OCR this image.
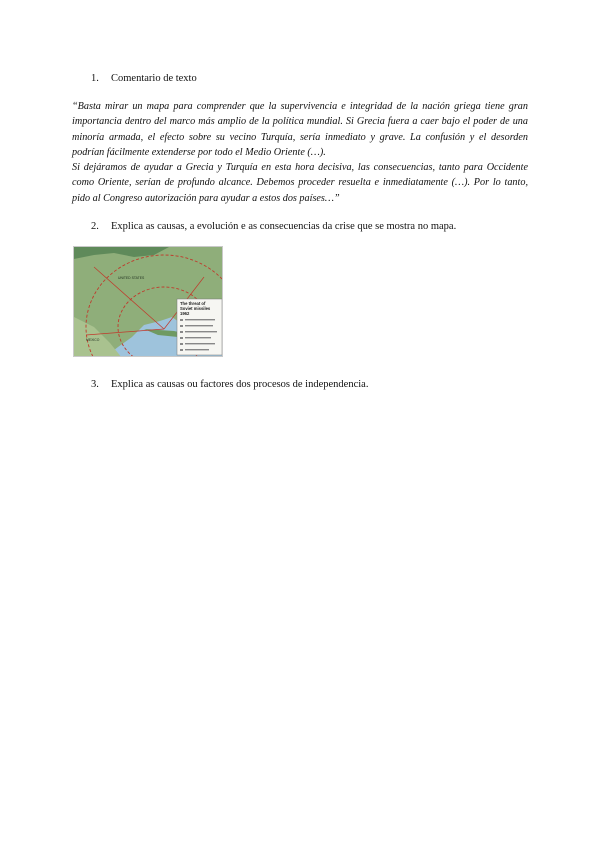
1. Comentario de texto

“Basta mirar un mapa para comprender que la supervivencia e integridad de la nación griega tiene gran importancia dentro del marco más amplio de la política mundial. Si Grecia fuera a caer bajo el poder de una minoría armada, el efecto sobre su vecino Turquía, sería inmediato y grave. La confusión y el desorden podrían fácilmente extenderse por todo el Medio Oriente (…).

Si dejáramos de ayudar a Grecia y Turquía en esta hora decisiva, las consecuencias, tanto para Occidente como Oriente, serían de profundo alcance. Debemos proceder resuelta e inmediatamente (…). Por lo tanto, pido al Congreso autorización para ayudar a estos dos países…”

2. Explica as causas, a evolución e as consecuencias da crise que se mostra no mapa.
UNITED STATES
MEXICO
The threat of
Soviet missiles
1962
3. Explica as causas ou factores dos procesos de independencia.
